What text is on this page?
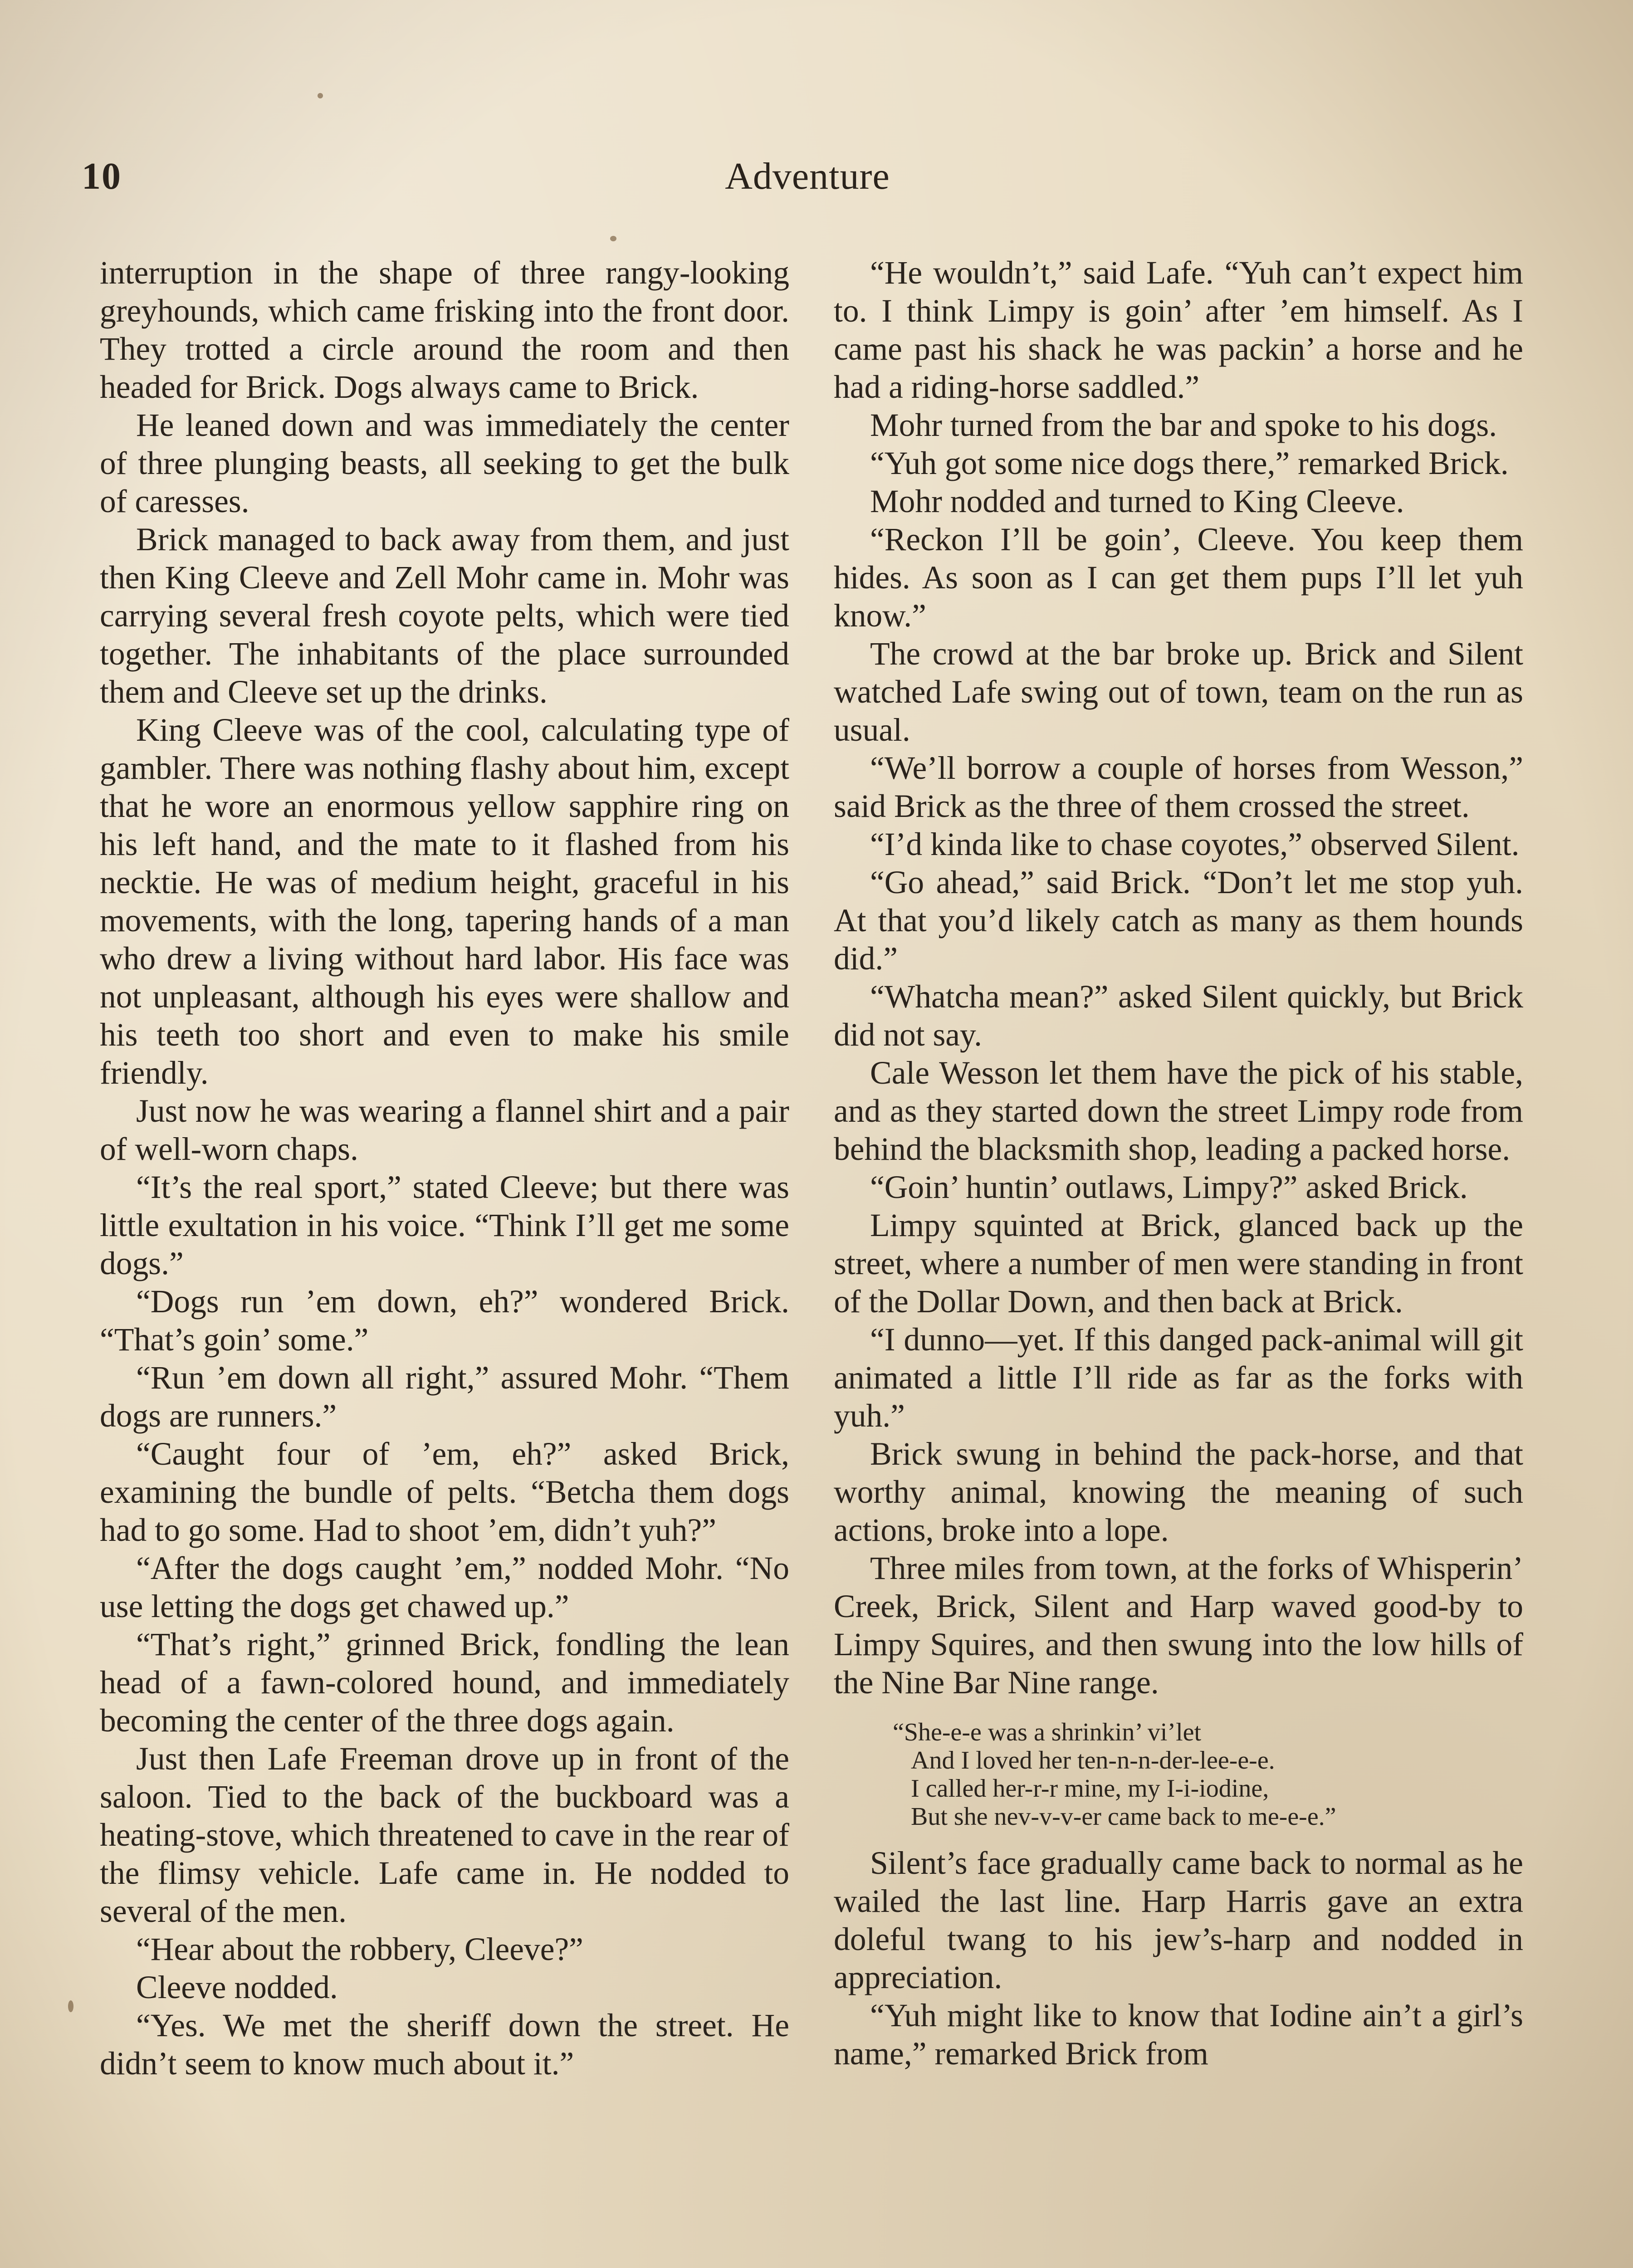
10	Adventure

interruption in the shape of three rangy-looking greyhounds, which came frisking into the front door. They trotted a circle around the room and then headed for Brick. Dogs always came to Brick.

He leaned down and was immediately the center of three plunging beasts, all seeking to get the bulk of caresses.

Brick managed to back away from them, and just then King Cleeve and Zell Mohr came in. Mohr was carrying several fresh coyote pelts, which were tied together. The inhabitants of the place surrounded them and Cleeve set up the drinks.

King Cleeve was of the cool, calculating type of gambler. There was nothing flashy about him, except that he wore an enormous yellow sapphire ring on his left hand, and the mate to it flashed from his necktie. He was of medium height, graceful in his movements, with the long, tapering hands of a man who drew a living without hard labor. His face was not unpleasant, although his eyes were shallow and his teeth too short and even to make his smile friendly.

Just now he was wearing a flannel shirt and a pair of well-worn chaps.

“It’s the real sport,” stated Cleeve; but there was little exultation in his voice. “Think I’ll get me some dogs.”

“Dogs run ’em down, eh?” wondered Brick. “That’s goin’ some.”

“Run ’em down all right,” assured Mohr. “Them dogs are runners.”

“Caught four of ’em, eh?” asked Brick, examining the bundle of pelts. “Betcha them dogs had to go some. Had to shoot ’em, didn’t yuh?”

“After the dogs caught ’em,” nodded Mohr. “No use letting the dogs get chawed up.”

“That’s right,” grinned Brick, fondling the lean head of a fawn-colored hound, and immediately becoming the center of the three dogs again.

Just then Lafe Freeman drove up in front of the saloon. Tied to the back of the buckboard was a heating-stove, which threatened to cave in the rear of the flimsy vehicle. Lafe came in. He nodded to several of the men.

“Hear about the robbery, Cleeve?”

Cleeve nodded.

“Yes. We met the sheriff down the street. He didn’t seem to know much about it.”

“He wouldn’t,” said Lafe. “Yuh can’t expect him to. I think Limpy is goin’ after ’em himself. As I came past his shack he was packin’ a horse and he had a riding-horse saddled.”

Mohr turned from the bar and spoke to his dogs.

“Yuh got some nice dogs there,” remarked Brick.

Mohr nodded and turned to King Cleeve.

“Reckon I’ll be goin’, Cleeve. You keep them hides. As soon as I can get them pups I’ll let yuh know.”

The crowd at the bar broke up. Brick and Silent watched Lafe swing out of town, team on the run as usual.

“We’ll borrow a couple of horses from Wesson,” said Brick as the three of them crossed the street.

“I’d kinda like to chase coyotes,” observed Silent.

“Go ahead,” said Brick. “Don’t let me stop yuh. At that you’d likely catch as many as them hounds did.”

“Whatcha mean?” asked Silent quickly, but Brick did not say.

Cale Wesson let them have the pick of his stable, and as they started down the street Limpy rode from behind the blacksmith shop, leading a packed horse.

“Goin’ huntin’ outlaws, Limpy?” asked Brick.

Limpy squinted at Brick, glanced back up the street, where a number of men were standing in front of the Dollar Down, and then back at Brick.

“I dunno—yet. If this danged pack-animal will git animated a little I’ll ride as far as the forks with yuh.”

Brick swung in behind the pack-horse, and that worthy animal, knowing the meaning of such actions, broke into a lope.

Three miles from town, at the forks of Whisperin’ Creek, Brick, Silent and Harp waved good-by to Limpy Squires, and then swung into the low hills of the Nine Bar Nine range.

“She-e-e was a shrinkin’ vi’let
And I loved her ten-n-n-der-lee-e-e.
I called her-r-r mine, my I-i-iodine,
But she nev-v-v-er came back to me-e-e.”

Silent’s face gradually came back to normal as he wailed the last line. Harp Harris gave an extra doleful twang to his jew’s-harp and nodded in appreciation.

“Yuh might like to know that Iodine ain’t a girl’s name,” remarked Brick from
